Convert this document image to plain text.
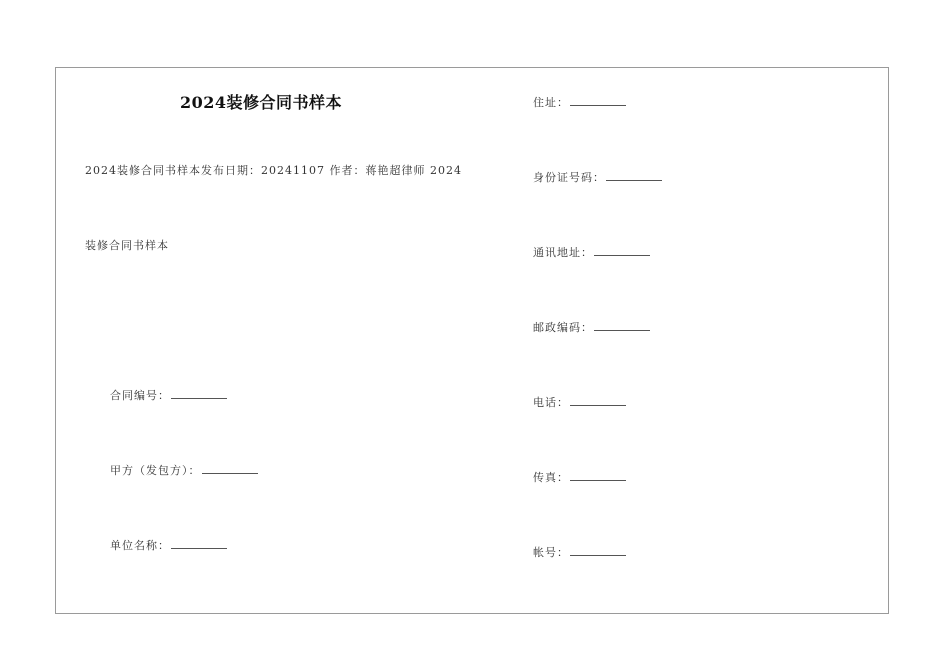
2024装修合同书样本
2024装修合同书样本发布日期：20241107 作者：蒋艳超律师 2024
装修合同书样本
合同编号：
甲方（发包方）：
单位名称：
住址：
身份证号码：
通讯地址：
邮政编码：
电话：
传真：
帐号：
